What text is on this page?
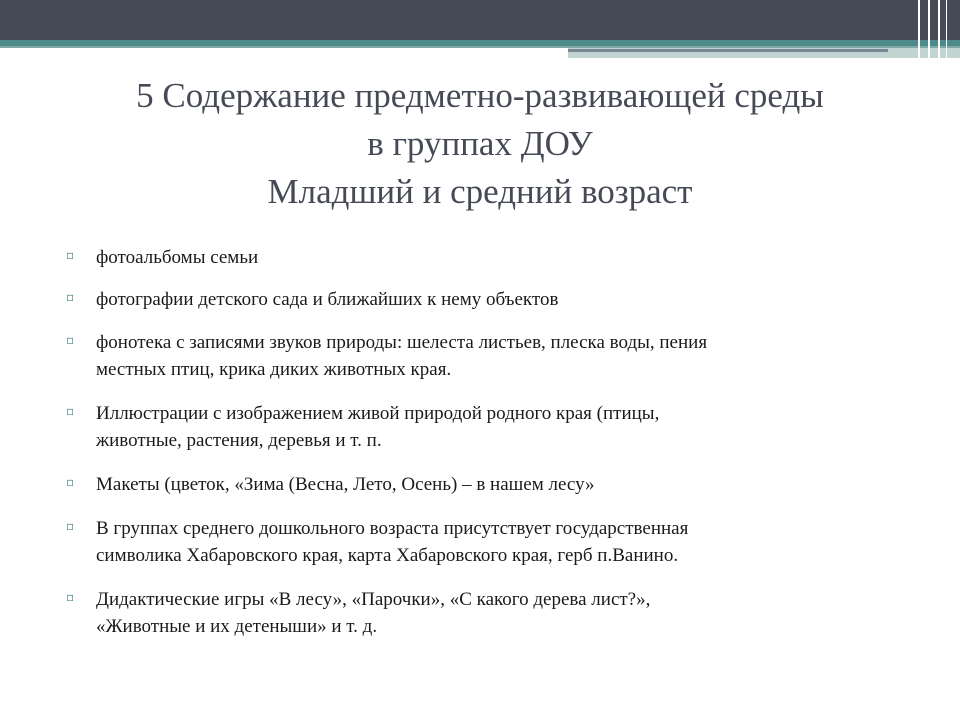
5 Содержание предметно-развивающей среды
в группах ДОУ
Младший и средний возраст
▫ фотоальбомы семьи
▫ фотографии детского сада и ближайших к нему объектов
▫ фонотека с записями звуков природы: шелеста листьев, плеска воды, пения
местных птиц, крика диких животных края.
▫ Иллюстрации с изображением живой природой родного края (птицы,
животные, растения, деревья и т. п.
▫ Макеты (цветок, «Зима (Весна, Лето, Осень) – в нашем лесу»
▫ В группах среднего дошкольного возраста присутствует государственная
символика Хабаровского края, карта Хабаровского края, герб п.Ванино.
▫ Дидактические игры «В лесу», «Парочки», «С какого дерева лист?»,
«Животные и их детеныши» и т. д.
